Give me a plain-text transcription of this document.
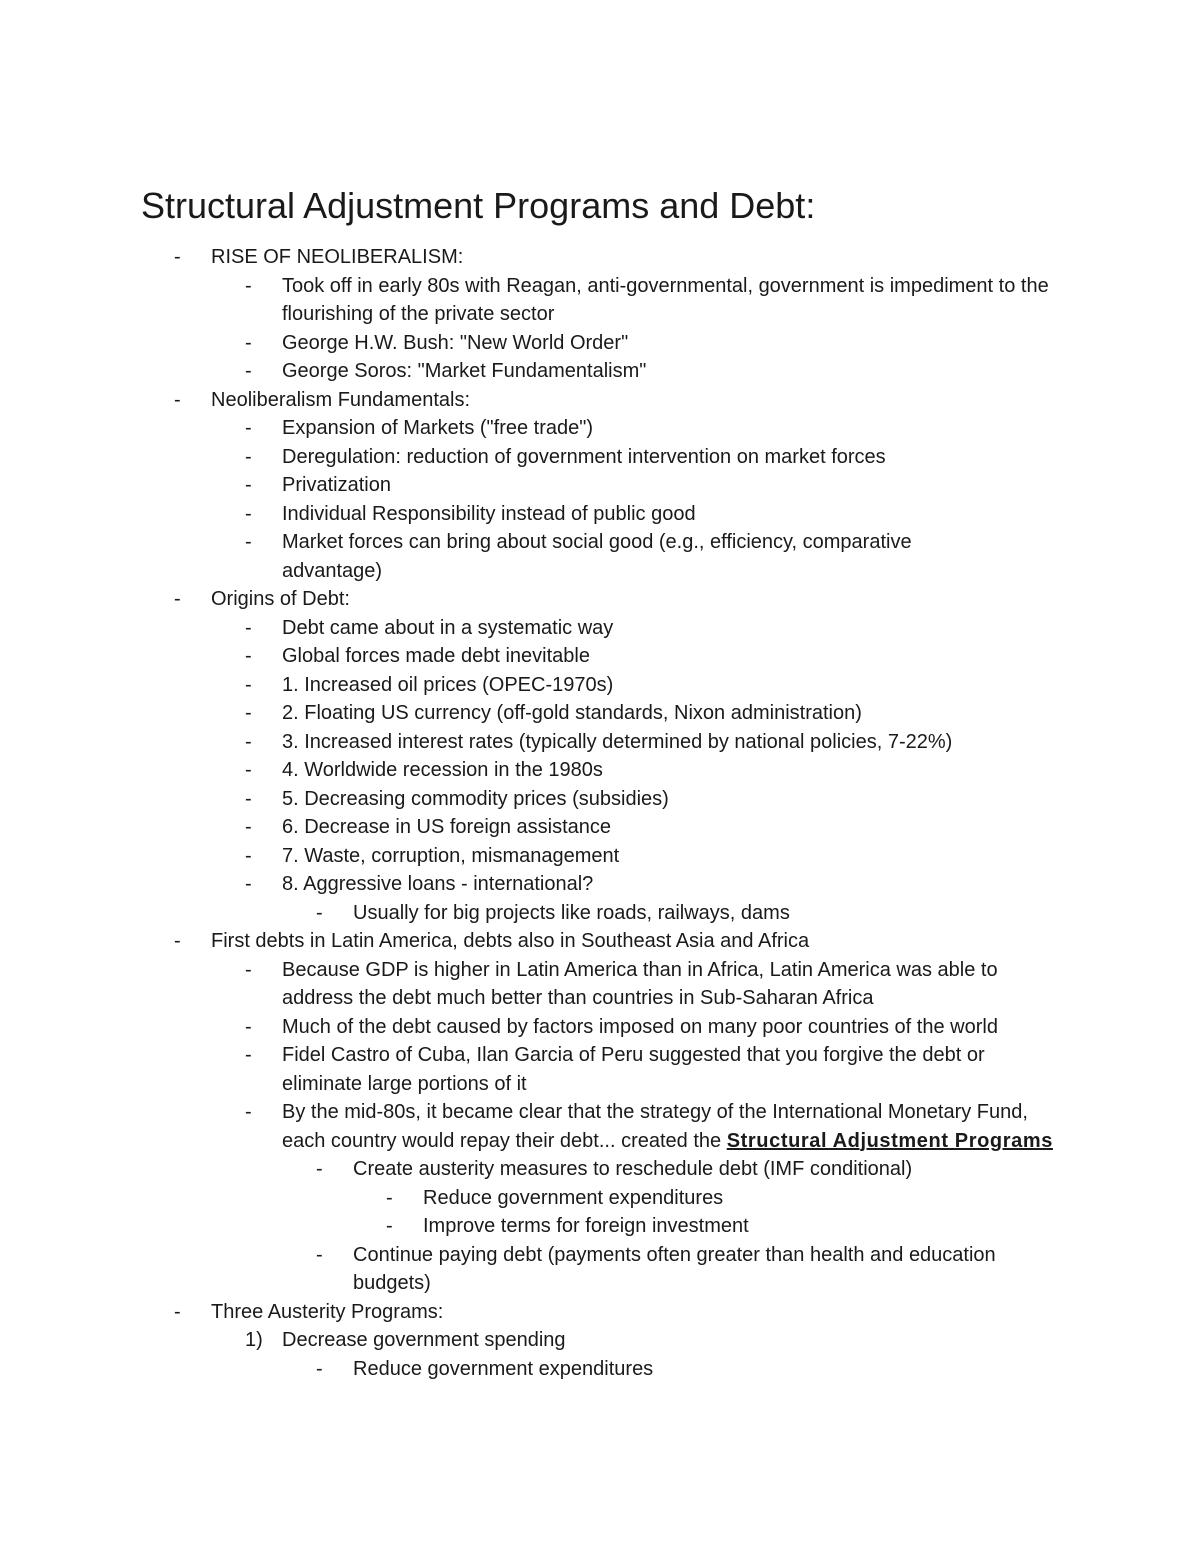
Structural Adjustment Programs and Debt:
- RISE OF NEOLIBERALISM:
- Took off in early 80s with Reagan, anti-governmental, government is impediment to the flourishing of the private sector
- George H.W. Bush: "New World Order"
- George Soros: "Market Fundamentalism"
- Neoliberalism Fundamentals:
- Expansion of Markets ("free trade")
- Deregulation: reduction of government intervention on market forces
- Privatization
- Individual Responsibility instead of public good
- Market forces can bring about social good (e.g., efficiency, comparative advantage)
- Origins of Debt:
- Debt came about in a systematic way
- Global forces made debt inevitable
- 1. Increased oil prices (OPEC-1970s)
- 2. Floating US currency (off-gold standards, Nixon administration)
- 3. Increased interest rates (typically determined by national policies, 7-22%)
- 4. Worldwide recession in the 1980s
- 5. Decreasing commodity prices (subsidies)
- 6. Decrease in US foreign assistance
- 7. Waste, corruption, mismanagement
- 8. Aggressive loans - international?
- Usually for big projects like roads, railways, dams
- First debts in Latin America, debts also in Southeast Asia and Africa
- Because GDP is higher in Latin America than in Africa, Latin America was able to address the debt much better than countries in Sub-Saharan Africa
- Much of the debt caused by factors imposed on many poor countries of the world
- Fidel Castro of Cuba, Ilan Garcia of Peru suggested that you forgive the debt or eliminate large portions of it
- By the mid-80s, it became clear that the strategy of the International Monetary Fund, each country would repay their debt... created the Structural Adjustment Programs
- Create austerity measures to reschedule debt (IMF conditional)
- Reduce government expenditures
- Improve terms for foreign investment
- Continue paying debt (payments often greater than health and education budgets)
- Three Austerity Programs:
1) Decrease government spending
- Reduce government expenditures
